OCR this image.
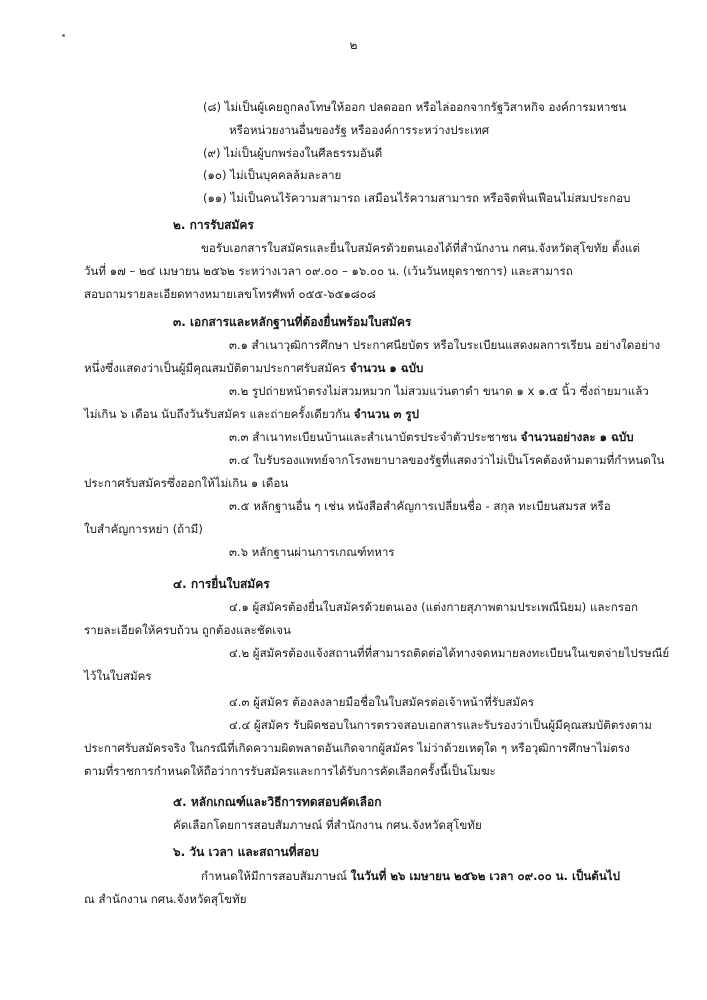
๒
(๘) ไม่เป็นผู้เคยถูกลงโทษให้ออก ปลดออก หรือไล่ออกจากรัฐวิสาหกิจ องค์การมหาชน
หรือหน่วยงานอื่นของรัฐ หรือองค์การระหว่างประเทศ
(๙) ไม่เป็นผู้บกพร่องในศีลธรรมอันดี
(๑๐) ไม่เป็นบุคคลล้มละลาย
(๑๑) ไม่เป็นคนไร้ความสามารถ เสมือนไร้ความสามารถ หรือจิตฟั่นเฟือนไม่สมประกอบ
๒. การรับสมัคร
ขอรับเอกสารใบสมัครและยื่นใบสมัครด้วยตนเองได้ที่สำนักงาน กศน.จังหวัดสุโขทัย ตั้งแต่
วันที่ ๑๗ – ๒๔ เมษายน ๒๕๖๒ ระหว่างเวลา ๐๙.๐๐ – ๑๖.๐๐ น. (เว้นวันหยุดราชการ) และสามารถ
สอบถามรายละเอียดทางหมายเลขโทรศัพท์ ๐๕๕-๖๕๑๘๐๘
๓. เอกสารและหลักฐานที่ต้องยื่นพร้อมใบสมัคร
๓.๑ สำเนาวุฒิการศึกษา ประกาศนียบัตร หรือใบระเบียนแสดงผลการเรียน อย่างใดอย่าง
หนึ่งซึ่งแสดงว่าเป็นผู้มีคุณสมบัติตามประกาศรับสมัคร จำนวน ๑ ฉบับ
๓.๒ รูปถ่ายหน้าตรงไม่สวมหมวก ไม่สวมแว่นตาดำ ขนาด ๑ x ๑.๕ นิ้ว ซึ่งถ่ายมาแล้ว
ไม่เกิน ๖ เดือน นับถึงวันรับสมัคร และถ่ายครั้งเดียวกัน จำนวน ๓ รูป
๓.๓ สำเนาทะเบียนบ้านและสำเนาบัตรประจำตัวประชาชน จำนวนอย่างละ ๑ ฉบับ
๓.๔ ใบรับรองแพทย์จากโรงพยาบาลของรัฐที่แสดงว่าไม่เป็นโรคต้องห้ามตามที่กำหนดใน
ประกาศรับสมัครซึ่งออกให้ไม่เกิน ๑ เดือน
๓.๕ หลักฐานอื่น ๆ เช่น หนังสือสำคัญการเปลี่ยนชื่อ - สกุล ทะเบียนสมรส หรือ
ใบสำคัญการหย่า (ถ้ามี)
๓.๖ หลักฐานผ่านการเกณฑ์ทหาร
๔. การยื่นใบสมัคร
๔.๑ ผู้สมัครต้องยื่นใบสมัครด้วยตนเอง (แต่งกายสุภาพตามประเพณีนิยม) และกรอก
รายละเอียดให้ครบถ้วน ถูกต้องและชัดเจน
๔.๒ ผู้สมัครต้องแจ้งสถานที่ที่สามารถติดต่อได้ทางจดหมายลงทะเบียนในเขตจ่ายไปรษณีย์
ไว้ในใบสมัคร
๔.๓ ผู้สมัคร ต้องลงลายมือชื่อในใบสมัครต่อเจ้าหน้าที่รับสมัคร
๔.๔ ผู้สมัคร รับผิดชอบในการตรวจสอบเอกสารและรับรองว่าเป็นผู้มีคุณสมบัติตรงตาม
ประกาศรับสมัครจริง ในกรณีที่เกิดความผิดพลาดอันเกิดจากผู้สมัคร ไม่ว่าด้วยเหตุใด ๆ หรือวุฒิการศึกษาไม่ตรง
ตามที่ราชการกำหนดให้ถือว่าการรับสมัครและการได้รับการคัดเลือกครั้งนี้เป็นโมฆะ
๕. หลักเกณฑ์และวิธีการทดสอบคัดเลือก
คัดเลือกโดยการสอบสัมภาษณ์ ที่สำนักงาน กศน.จังหวัดสุโขทัย
๖. วัน เวลา และสถานที่สอบ
กำหนดให้มีการสอบสัมภาษณ์ ในวันที่ ๒๖ เมษายน ๒๕๖๒ เวลา ๐๙.๐๐ น. เป็นต้นไป
ณ สำนักงาน กศน.จังหวัดสุโขทัย
